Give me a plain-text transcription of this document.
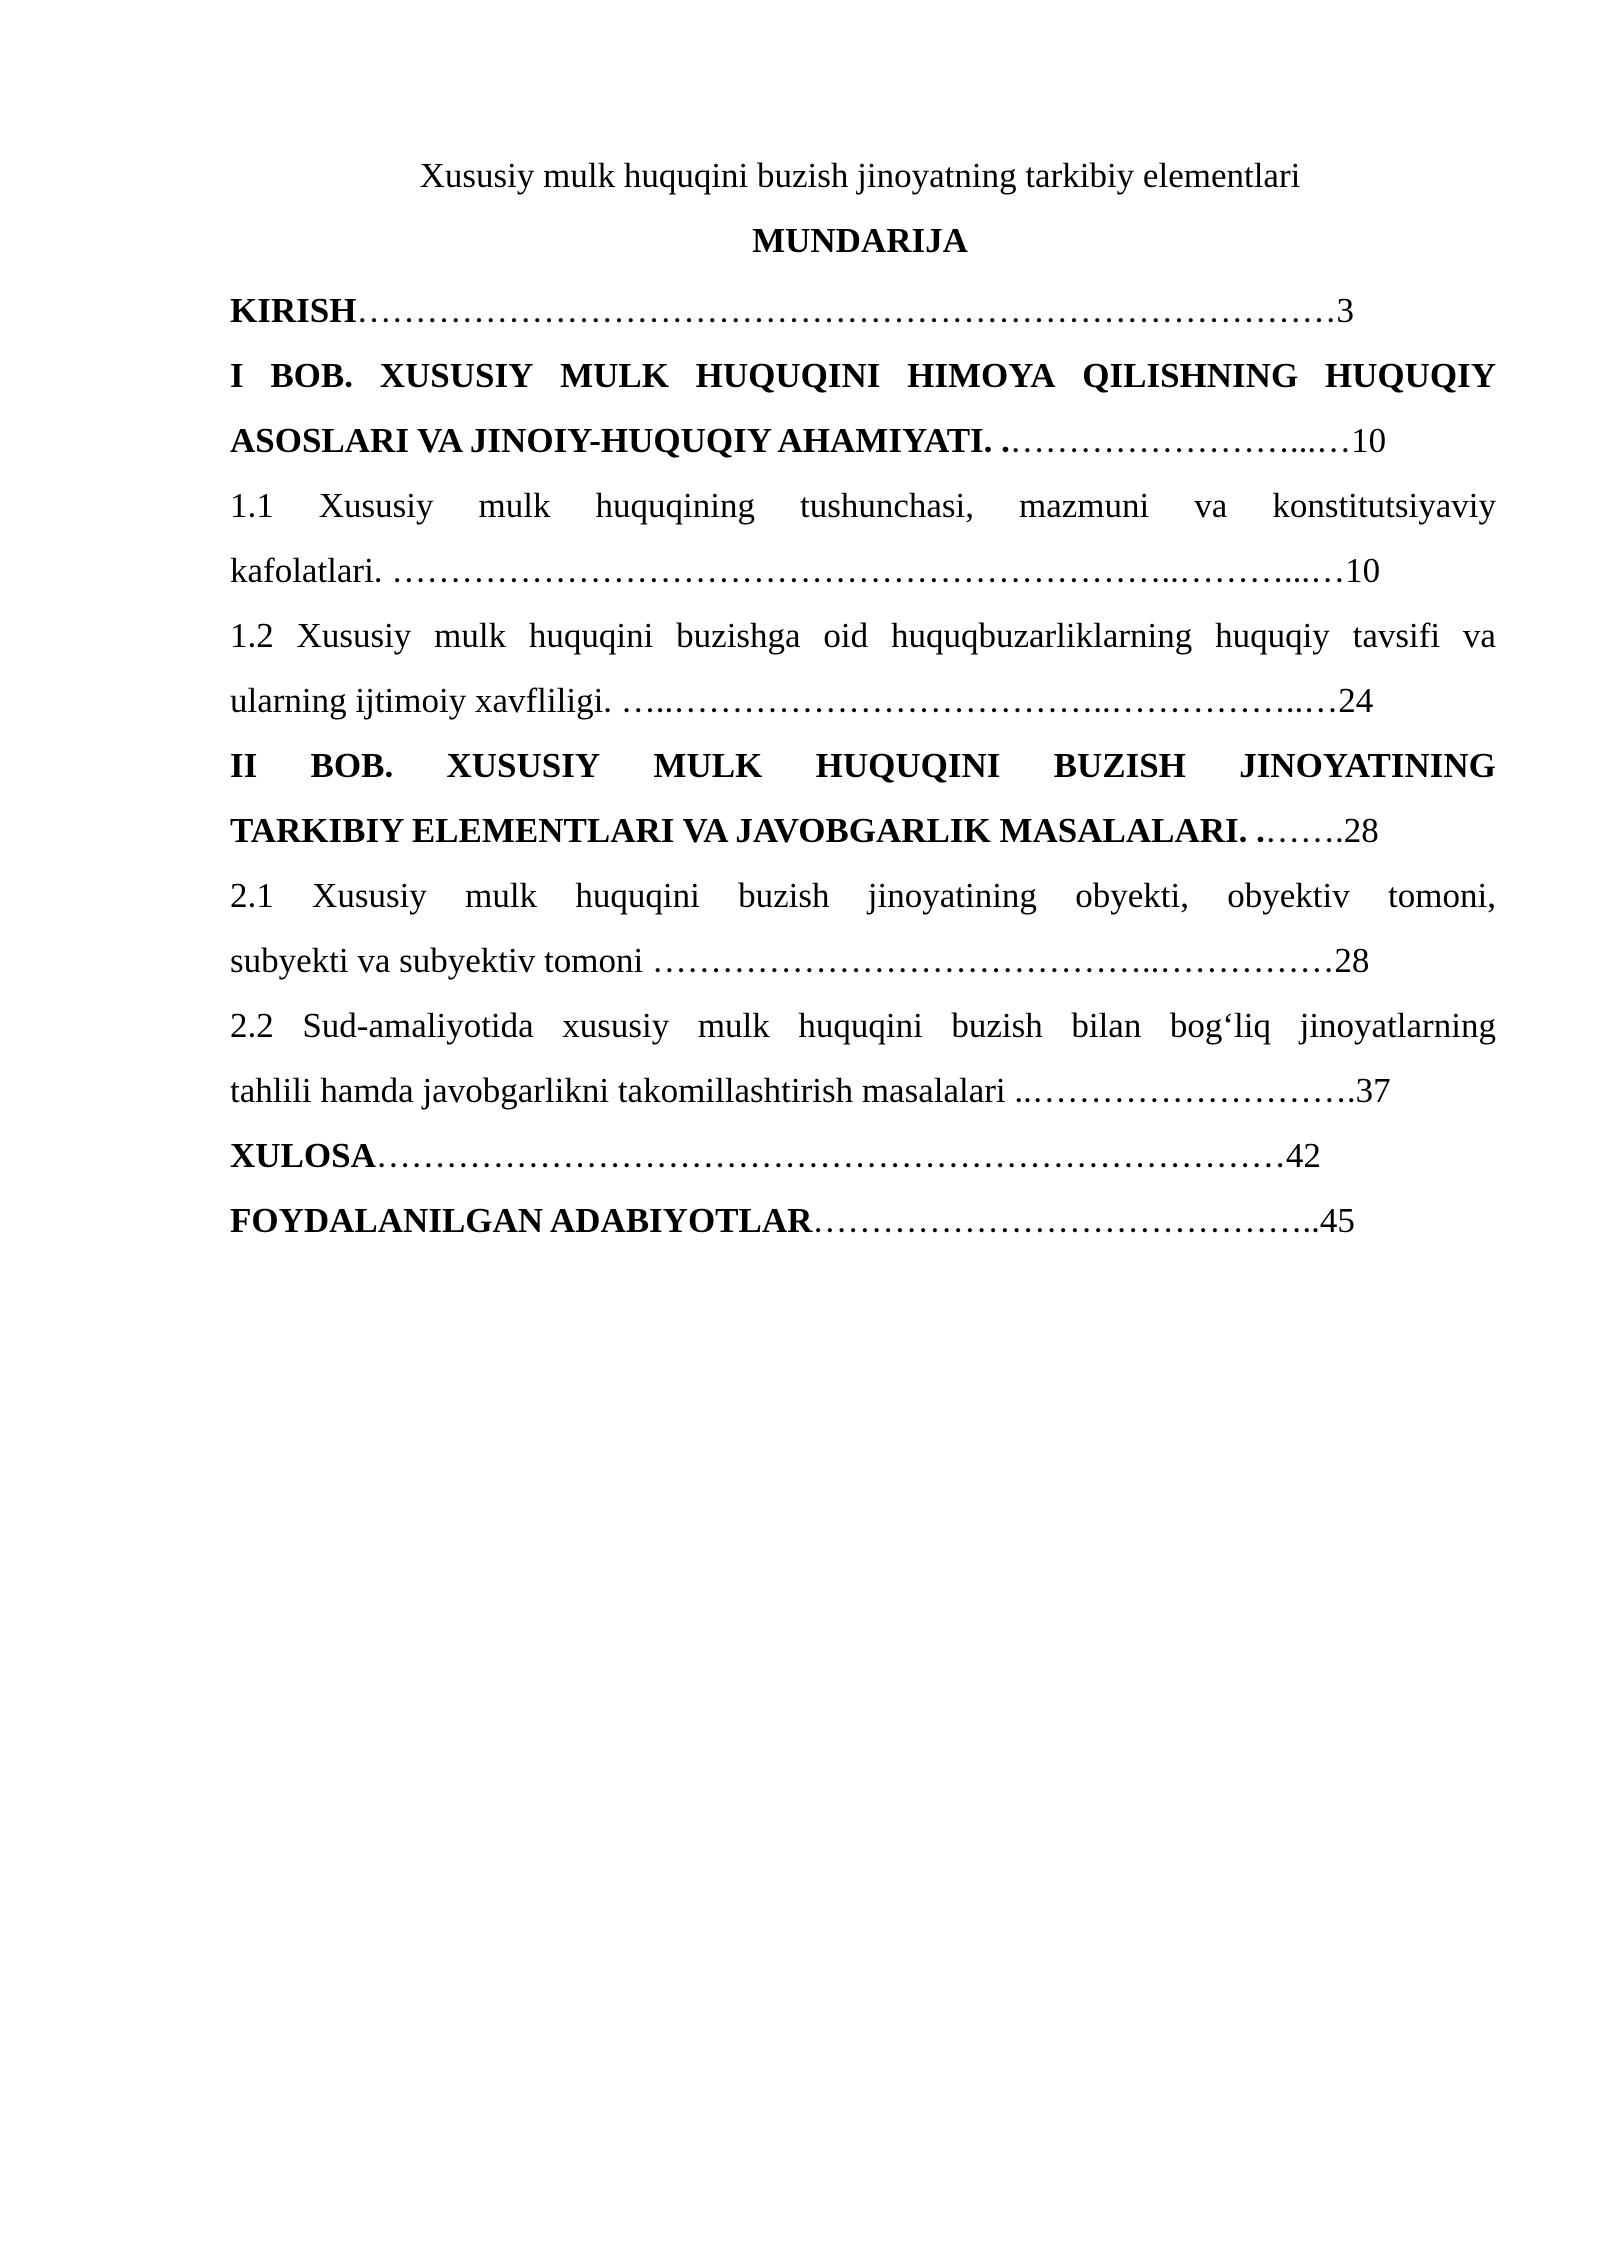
Xususiy mulk huquqini buzish jinoyatning tarkibiy elementlari
MUNDARIJA
KIRISH…………………………………………………………………………3
I BOB. XUSUSIY MULK HUQUQINI HIMOYA QILISHNING HUQUQIY
ASOSLARI VA JINOIY-HUQUQIY AHAMIYATI. .……………………...…10
1.1 Xususiy mulk huquqining tushunchasi, mazmuni va konstitutsiyaviy
kafolatlari. …………………………………………………………..………...…10
1.2 Xususiy mulk huquqini buzishga oid huquqbuzarliklarning huquqiy tavsifi va
ularning ijtimoiy xavfliligi. …..………………………………..……………..…24
II BOB. XUSUSIY MULK HUQUQINI BUZISH JINOYATINING
TARKIBIY ELEMENTLARI VA JAVOBGARLIK MASALALARI. .…….28
2.1 Xususiy mulk huquqini buzish jinoyatining obyekti, obyektiv tomoni,
subyekti va subyektiv tomoni ……………………………………..……………28
2.2 Sud-amaliyotida xususiy mulk huquqini buzish bilan bog‘liq jinoyatlarning
tahlili hamda javobgarlikni takomillashtirish masalalari ..……………………….37
XULOSA……………………………………………………………………42
FOYDALANILGAN ADABIYOTLAR……………………………………..45
